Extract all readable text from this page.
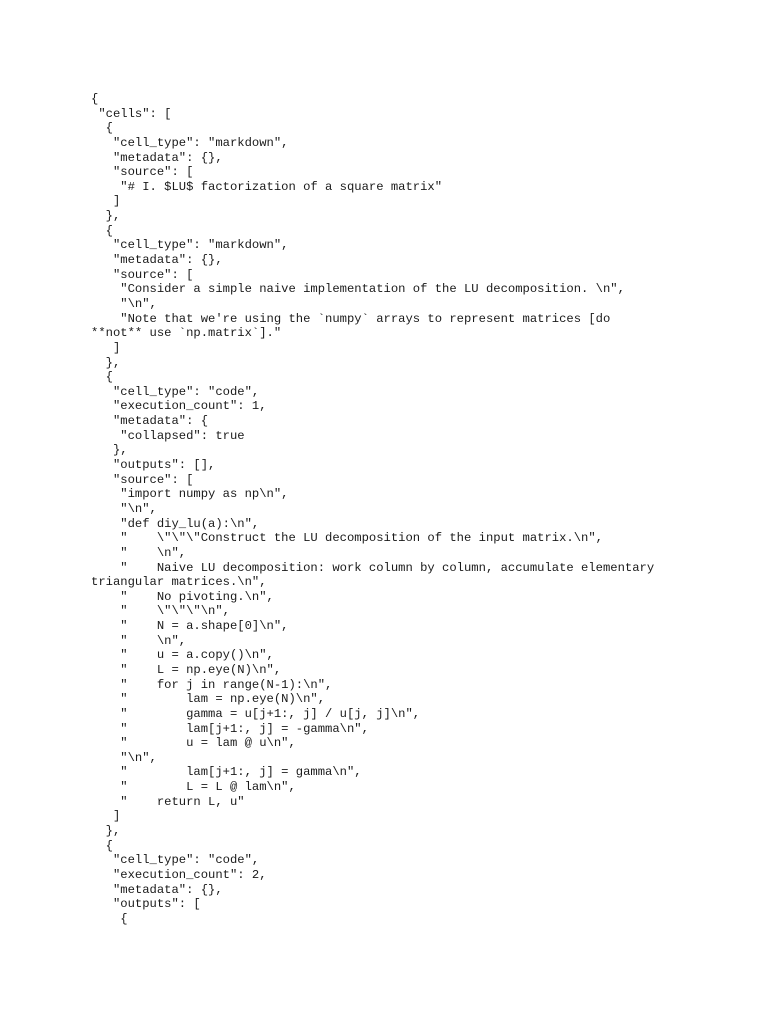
{
"cells": [
{
"cell_type": "markdown",
"metadata": {},
"source": [
"# I. $LU$ factorization of a square matrix"
]
},
{
"cell_type": "markdown",
"metadata": {},
"source": [
"Consider a simple naive implementation of the LU decomposition. \n",
"\n",
"Note that we're using the `numpy` arrays to represent matrices [do
**not** use `np.matrix`]."
]
},
{
"cell_type": "code",
"execution_count": 1,
"metadata": {
"collapsed": true
},
"outputs": [],
"source": [
"import numpy as np\n",
"\n",
"def diy_lu(a):\n",
"    \"\"\"Construct the LU decomposition of the input matrix.\n",
"    \n",
"    Naive LU decomposition: work column by column, accumulate elementary
triangular matrices.\n",
"    No pivoting.\n",
"    \"\"\"\n",
"    N = a.shape[0]\n",
"    \n",
"    u = a.copy()\n",
"    L = np.eye(N)\n",
"    for j in range(N-1):\n",
"        lam = np.eye(N)\n",
"        gamma = u[j+1:, j] / u[j, j]\n",
"        lam[j+1:, j] = -gamma\n",
"        u = lam @ u\n",
"\n",
"        lam[j+1:, j] = gamma\n",
"        L = L @ lam\n",
"    return L, u"
]
},
{
"cell_type": "code",
"execution_count": 2,
"metadata": {},
"outputs": [
{
